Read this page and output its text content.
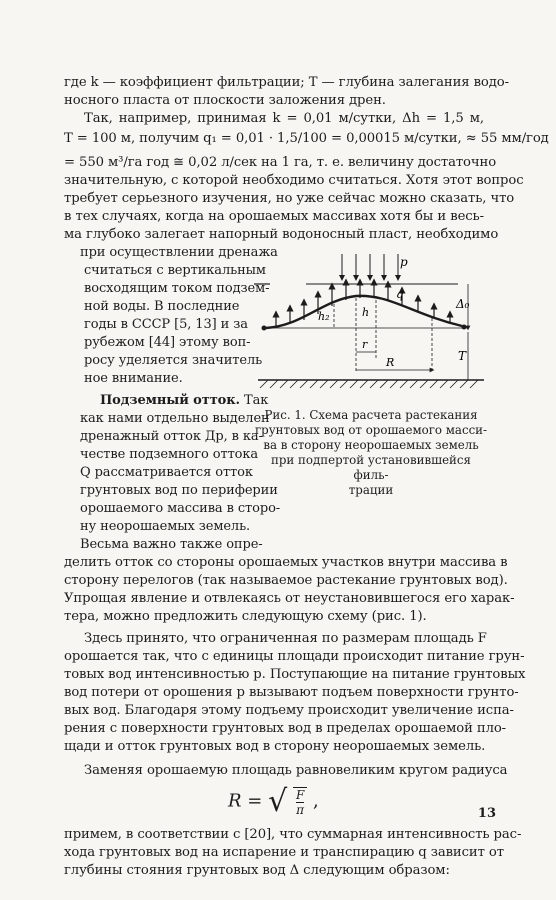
где k — коэффициент фильтрации; T — глубина залегания водо-
носного пласта от плоскости заложения дрен.
Так, например, принимая k = 0,01 м/сутки, Δh = 1,5 м,
T = 100 м, получим q₁ = 0,01 · 1,5/100 = 0,00015 м/сутки, ≈ 55 мм/год
= 550 м³/га год ≅ 0,02 л/сек на 1 га, т. е. величину достаточно
значительную, с которой необходимо считаться. Хотя этот вопрос
требует серьезного изучения, но уже сейчас можно сказать, что
в тех случаях, когда на орошаемых массивах хотя бы и весь-
ма глубоко залегает напорный водоносный пласт, необходимо
при осуществлении дренажа
считаться с вертикальным
восходящим током подзем-
ной воды. В последние
годы в СССР [5, 13] и за
рубежом [44] этому воп-
росу уделяется значитель
ное внимание.
Подземный отток. Так
как нами отдельно выделен
дренажный отток Др, в ка-
честве подземного оттока
Q рассматривается отток
грунтовых вод по периферии
орошаемого массива в сторо-
ну неорошаемых земель.
Весьма важно также опре-
p
q
Δ₀
h₂	h
r
R	T
Рис. 1. Схема расчета растекания
грунтовых вод от орошаемого масси-
ва в сторону неорошаемых земель
при подпертой установившейся филь-
трации
делить отток со стороны орошаемых участков внутри массива в
сторону перелогов (так называемое растекание грунтовых вод).
Упрощая явление и отвлекаясь от неустановившегося его харак-
тера, можно предложить следующую схему (рис. 1).
Здесь принято, что ограниченная по размерам площадь F
орошается так, что с единицы площади происходит питание грун-
товых вод интенсивностью p. Поступающие на питание грунтовых
вод потери от орошения p вызывают подъем поверхности грунто-
вых вод. Благодаря этому подъему происходит увеличение испа-
рения с поверхности грунтовых вод в пределах орошаемой пло-
щади и отток грунтовых вод в сторону неорошаемых земель.
Заменяя орошаемую площадь равновеликим кругом радиуса
R = √ $\frac{F}{\pi}$ ,
примем, в соответствии с [20], что суммарная интенсивность рас-
хода грунтовых вод на испарение и транспирацию q зависит от
глубины стояния грунтовых вод Δ следующим образом:
13
